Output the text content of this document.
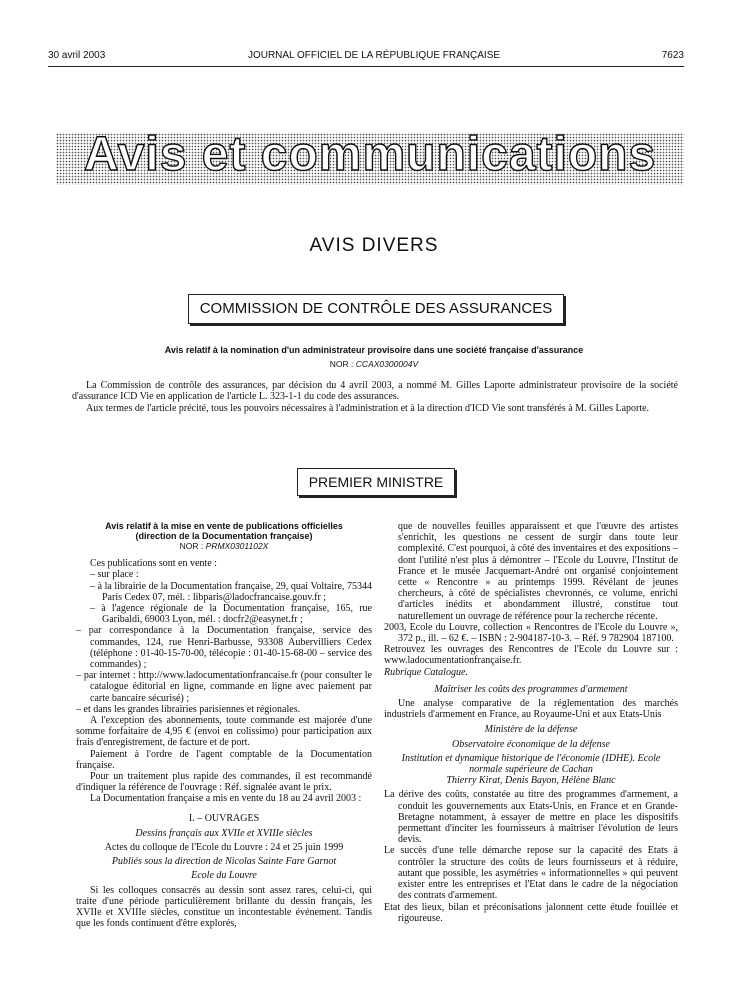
30 avril 2003	JOURNAL OFFICIEL DE LA RÉPUBLIQUE FRANÇAISE	7623
Avis et communications
AVIS DIVERS
COMMISSION DE CONTRÔLE DES ASSURANCES
Avis relatif à la nomination d'un administrateur provisoire dans une société française d'assurance
NOR : CCAX0300004V

La Commission de contrôle des assurances, par décision du 4 avril 2003, a nommé M. Gilles Laporte administrateur provisoire de la société d'assurance ICD Vie en application de l'article L. 323-1-1 du code des assurances.

Aux termes de l'article précité, tous les pouvoirs nécessaires à l'administration et à la direction d'ICD Vie sont transférés à M. Gilles Laporte.

PREMIER MINISTRE
Avis relatif à la mise en vente de publications officielles
(direction de la Documentation française)
NOR : PRMX0301102X

Ces publications sont en vente :

– sur place :

– à la librairie de la Documentation française, 29, quai Voltaire, 75344 Paris Cedex 07, mél. : libparis@ladocfrancaise.gouv.fr ;

– à l'agence régionale de la Documentation française, 165, rue Garibaldi, 69003 Lyon, mél. : docfr2@easynet.fr ;

– par correspondance à la Documentation française, service des commandes, 124, rue Henri-Barbusse, 93308 Aubervilliers Cedex (téléphone : 01-40-15-70-00, télécopie : 01-40-15-68-00 – service des commandes) ;

– par internet : http://www.ladocumentationfrancaise.fr (pour consulter le catalogue éditorial en ligne, commande en ligne avec paiement par carte bancaire sécurisé) ;

– et dans les grandes librairies parisiennes et régionales.

A l'exception des abonnements, toute commande est majorée d'une somme forfaitaire de 4,95 € (envoi en colissimo) pour participation aux frais d'enregistrement, de facture et de port.

Paiement à l'ordre de l'agent comptable de la Documentation française.

Pour un traitement plus rapide des commandes, il est recommandé d'indiquer la référence de l'ouvrage : Réf. signalée avant le prix.

La Documentation française a mis en vente du 18 au 24 avril 2003 :

I. – OUVRAGES

Dessins français aux XVIIe et XVIIIe siècles

Actes du colloque de l'Ecole du Louvre : 24 et 25 juin 1999

Publiés sous la direction de Nicolas Sainte Fare Garnot

Ecole du Louvre

Si les colloques consacrés au dessin sont assez rares, celui-ci, qui traite d'une période particulièrement brillante du dessin français, les XVIIe et XVIIIe siècles, constitue un incontestable événement. Tandis que les fonds continuent d'être explorés,

que de nouvelles feuilles apparaissent et que l'œuvre des artistes s'enrichit, les questions ne cessent de surgir dans toute leur complexité. C'est pourquoi, à côté des inventaires et des expositions – dont l'utilité n'est plus à démontrer – l'Ecole du Louvre, l'Institut de France et le musée Jacquemart-André ont organisé conjointement cette « Rencontre » au printemps 1999. Révélant de jeunes chercheurs, à côté de spécialistes chevronnés, ce volume, enrichi d'articles inédits et abondamment illustré, constitue tout naturellement un ouvrage de référence pour la recherche récente.

2003, Ecole du Louvre, collection « Rencontres de l'Ecole du Louvre », 372 p., ill. – 62 €. – ISBN : 2-904187-10-3. – Réf. 9 782904 187100.

Retrouvez les ouvrages des Rencontres de l'Ecole du Louvre sur : www.ladocumentationfrançaise.fr.

Rubrique Catalogue.

Maîtriser les coûts des programmes d'armement

Une analyse comparative de la réglementation des marchés industriels d'armement en France, au Royaume-Uni et aux Etats-Unis

Ministère de la défense

Observatoire économique de la défense

Institution et dynamique historique de l'économie (IDHE). Ecole normale supérieure de Cachan

Thierry Kirat, Denis Bayon, Hélène Blanc

La dérive des coûts, constatée au titre des programmes d'armement, a conduit les gouvernements aux Etats-Unis, en France et en Grande-Bretagne notamment, à essayer de mettre en place les dispositifs permettant d'inciter les fournisseurs à maîtriser l'évolution de leurs devis.

Le succès d'une telle démarche repose sur la capacité des Etats à contrôler la structure des coûts de leurs fournisseurs et à réduire, autant que possible, les asymétries « informationnelles » qui peuvent exister entre les entreprises et l'Etat dans le cadre de la négociation des contrats d'armement.

Etat des lieux, bilan et préconisations jalonnent cette étude fouillée et rigoureuse.
